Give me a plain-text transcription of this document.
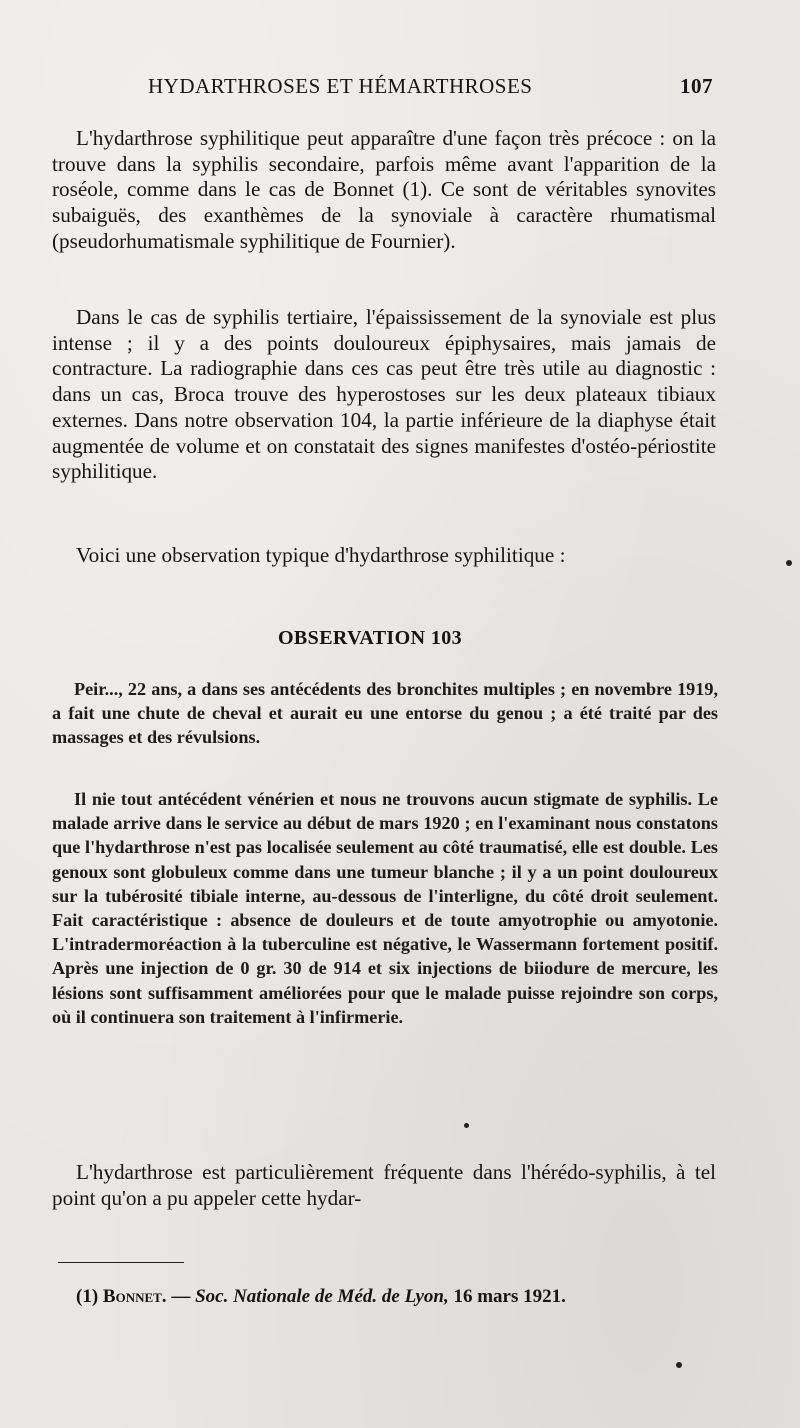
HYDARTHROSES ET HÉMARTHROSES	107

L'hydarthrose syphilitique peut apparaître d'une façon très précoce : on la trouve dans la syphilis secondaire, parfois même avant l'apparition de la roséole, comme dans le cas de Bonnet (1). Ce sont de véritables synovites subaiguës, des exanthèmes de la synoviale à caractère rhumatismal (pseudorhumatismale syphilitique de Fournier).

Dans le cas de syphilis tertiaire, l'épaississement de la synoviale est plus intense ; il y a des points douloureux épiphysaires, mais jamais de contracture. La radiographie dans ces cas peut être très utile au diagnostic : dans un cas, Broca trouve des hyperostoses sur les deux plateaux tibiaux externes. Dans notre observation 104, la partie inférieure de la diaphyse était augmentée de volume et on constatait des signes manifestes d'ostéo-périostite syphilitique.

Voici une observation typique d'hydarthrose syphilitique :

OBSERVATION 103

Peir..., 22 ans, a dans ses antécédents des bronchites multiples ; en novembre 1919, a fait une chute de cheval et aurait eu une entorse du genou ; a été traité par des massages et des révulsions.

Il nie tout antécédent vénérien et nous ne trouvons aucun stigmate de syphilis. Le malade arrive dans le service au début de mars 1920 ; en l'examinant nous constatons que l'hydarthrose n'est pas localisée seulement au côté traumatisé, elle est double. Les genoux sont globuleux comme dans une tumeur blanche ; il y a un point douloureux sur la tubérosité tibiale interne, au-dessous de l'interligne, du côté droit seulement. Fait caractéristique : absence de douleurs et de toute amyotrophie ou amyotonie. L'intradermoréaction à la tuberculine est négative, le Wassermann fortement positif. Après une injection de 0 gr. 30 de 914 et six injections de biiodure de mercure, les lésions sont suffisamment améliorées pour que le malade puisse rejoindre son corps, où il continuera son traitement à l'infirmerie.

L'hydarthrose est particulièrement fréquente dans l'hérédo-syphilis, à tel point qu'on a pu appeler cette hydar-

(1) Bonnet. — Soc. Nationale de Méd. de Lyon, 16 mars 1921.
